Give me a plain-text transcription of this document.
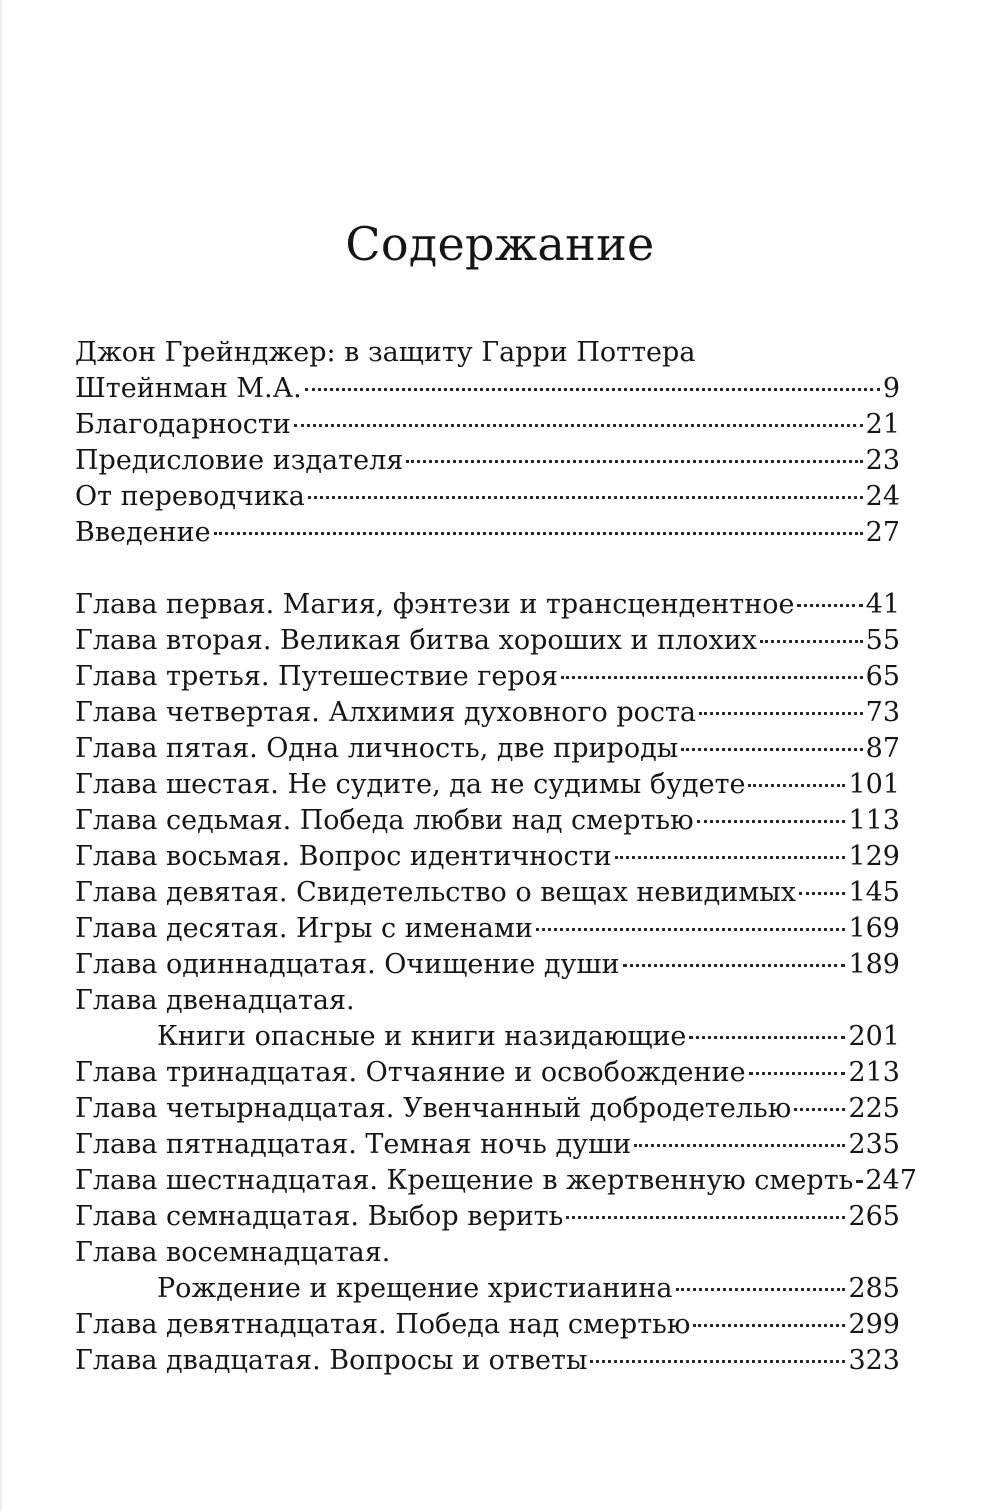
Содержание
Джон Грейнджер: в защиту Гарри Поттера
Штейнман М.А.	9
Благодарности	21
Предисловие издателя	23
От переводчика	24
Введение	27
Глава первая. Магия, фэнтези и трансцендентное	41
Глава вторая. Великая битва хороших и плохих	55
Глава третья. Путешествие героя	65
Глава четвертая. Алхимия духовного роста	73
Глава пятая. Одна личность, две природы	87
Глава шестая. Не судите, да не судимы будете	101
Глава седьмая. Победа любви над смертью	113
Глава восьмая. Вопрос идентичности	129
Глава девятая. Свидетельство о вещах невидимых 145
Глава десятая. Игры с именами	169
Глава одиннадцатая. Очищение души	189
Глава двенадцатая.
Книги опасные и книги назидающие	201
Глава тринадцатая. Отчаяние и освобождение	213
Глава четырнадцатая. Увенчанный добродетелью 225
Глава пятнадцатая. Темная ночь души	235
Глава шестнадцатая. Крещение в жертвенную смерть 247
Глава семнадцатая. Выбор верить	265
Глава восемнадцатая.
Рождение и крещение христианина	285
Глава девятнадцатая. Победа над смертью	299
Глава двадцатая. Вопросы и ответы	323
